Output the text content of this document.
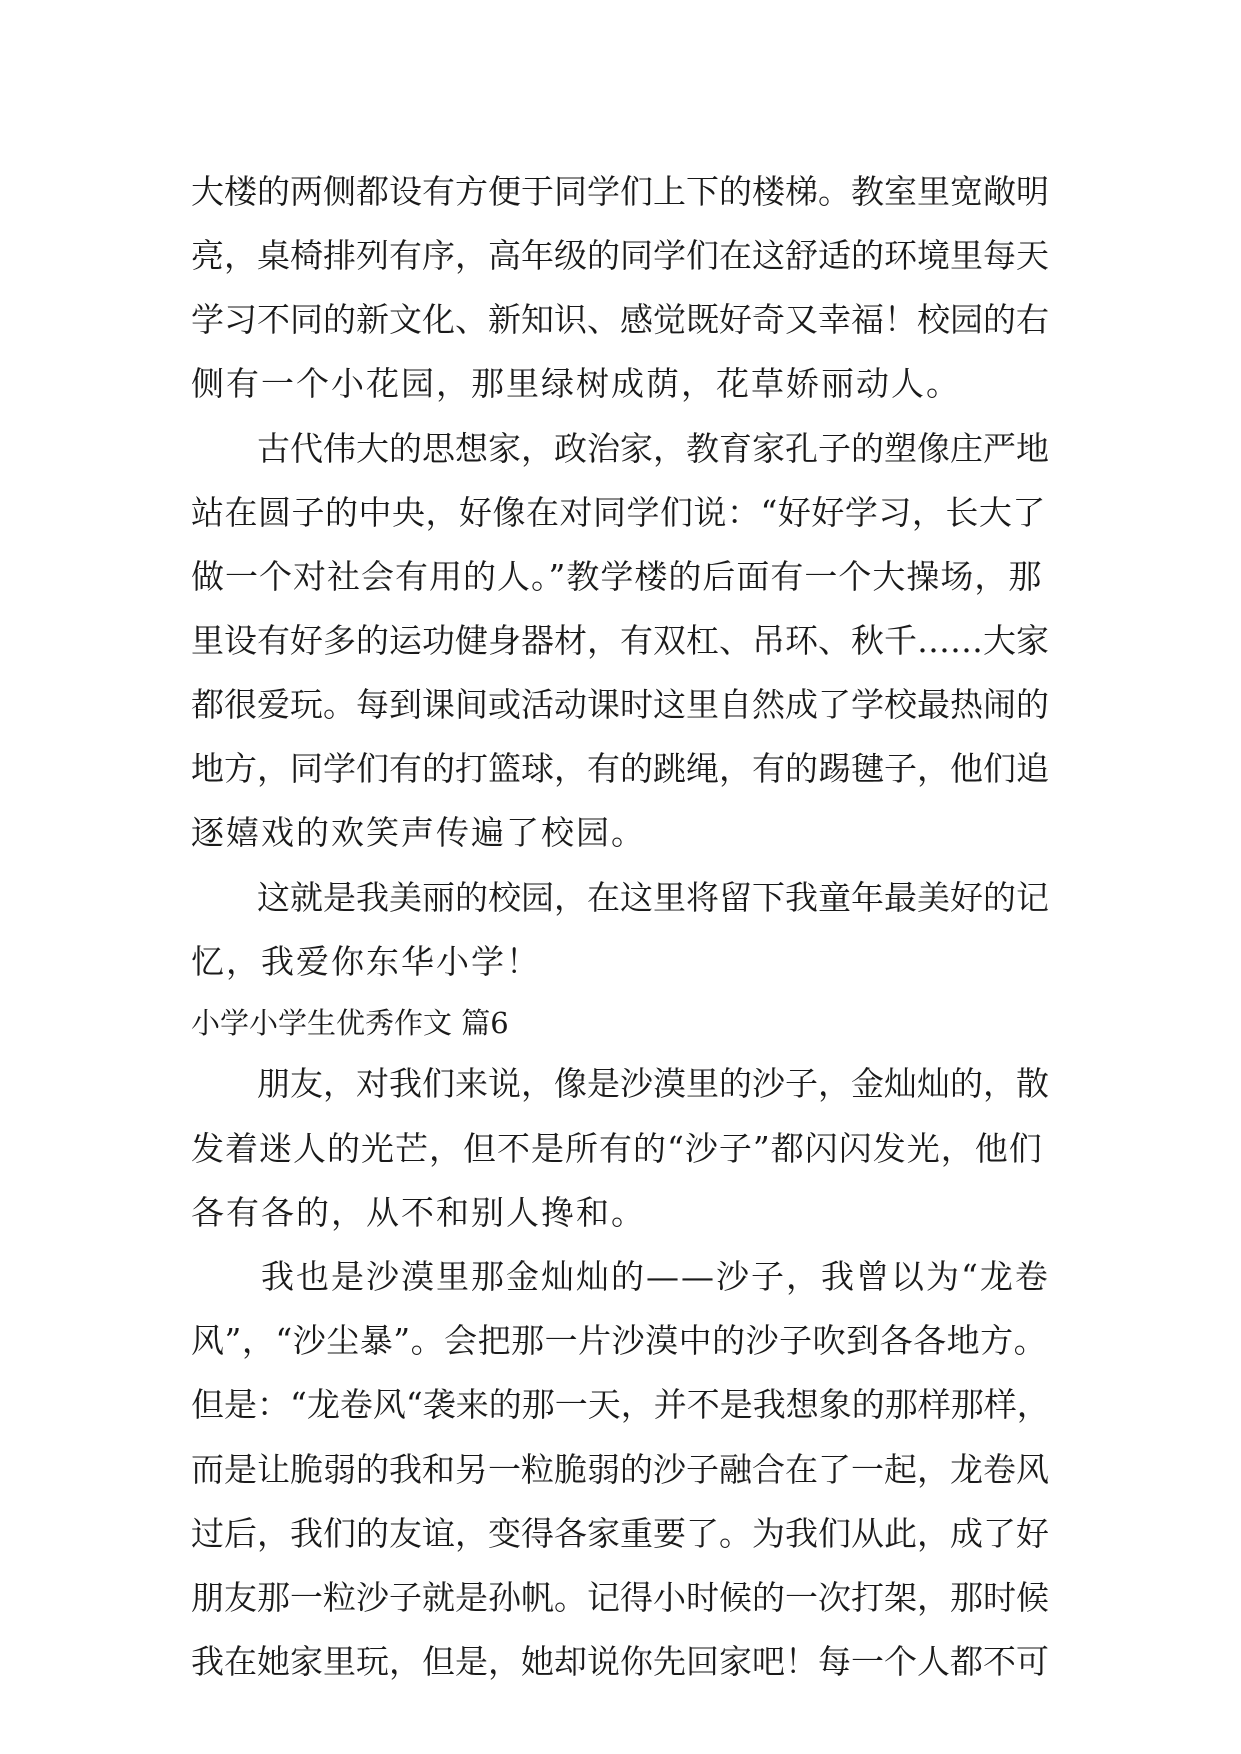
大楼的两侧都设有方便于同学们上下的楼梯。教室里宽敞明
亮，桌椅排列有序，高年级的同学们在这舒适的环境里每天
学习不同的新文化、新知识、感觉既好奇又幸福！校园的右
侧有一个小花园，那里绿树成荫，花草娇丽动人。
　　古代伟大的思想家，政治家，教育家孔子的塑像庄严地
站在圆子的中央，好像在对同学们说：“好好学习，长大了
做一个对社会有用的人。”教学楼的后面有一个大操场，那
里设有好多的运功健身器材，有双杠、吊环、秋千……大家
都很爱玩。每到课间或活动课时这里自然成了学校最热闹的
地方，同学们有的打篮球，有的跳绳，有的踢毽子，他们追
逐嬉戏的欢笑声传遍了校园。
　　这就是我美丽的校园，在这里将留下我童年最美好的记
忆，我爱你东华小学！
小学小学生优秀作文 篇6
　　朋友，对我们来说，像是沙漠里的沙子，金灿灿的，散
发着迷人的光芒，但不是所有的“沙子”都闪闪发光，他们
各有各的，从不和别人搀和。
　　我也是沙漠里那金灿灿的——沙子，我曾以为“龙卷
风”，“沙尘暴”。会把那一片沙漠中的沙子吹到各各地方。
但是：“龙卷风“袭来的那一天，并不是我想象的那样那样，
而是让脆弱的我和另一粒脆弱的沙子融合在了一起，龙卷风
过后，我们的友谊，变得各家重要了。为我们从此，成了好
朋友那一粒沙子就是孙帆。记得小时候的一次打架，那时候
我在她家里玩，但是，她却说你先回家吧！每一个人都不可
